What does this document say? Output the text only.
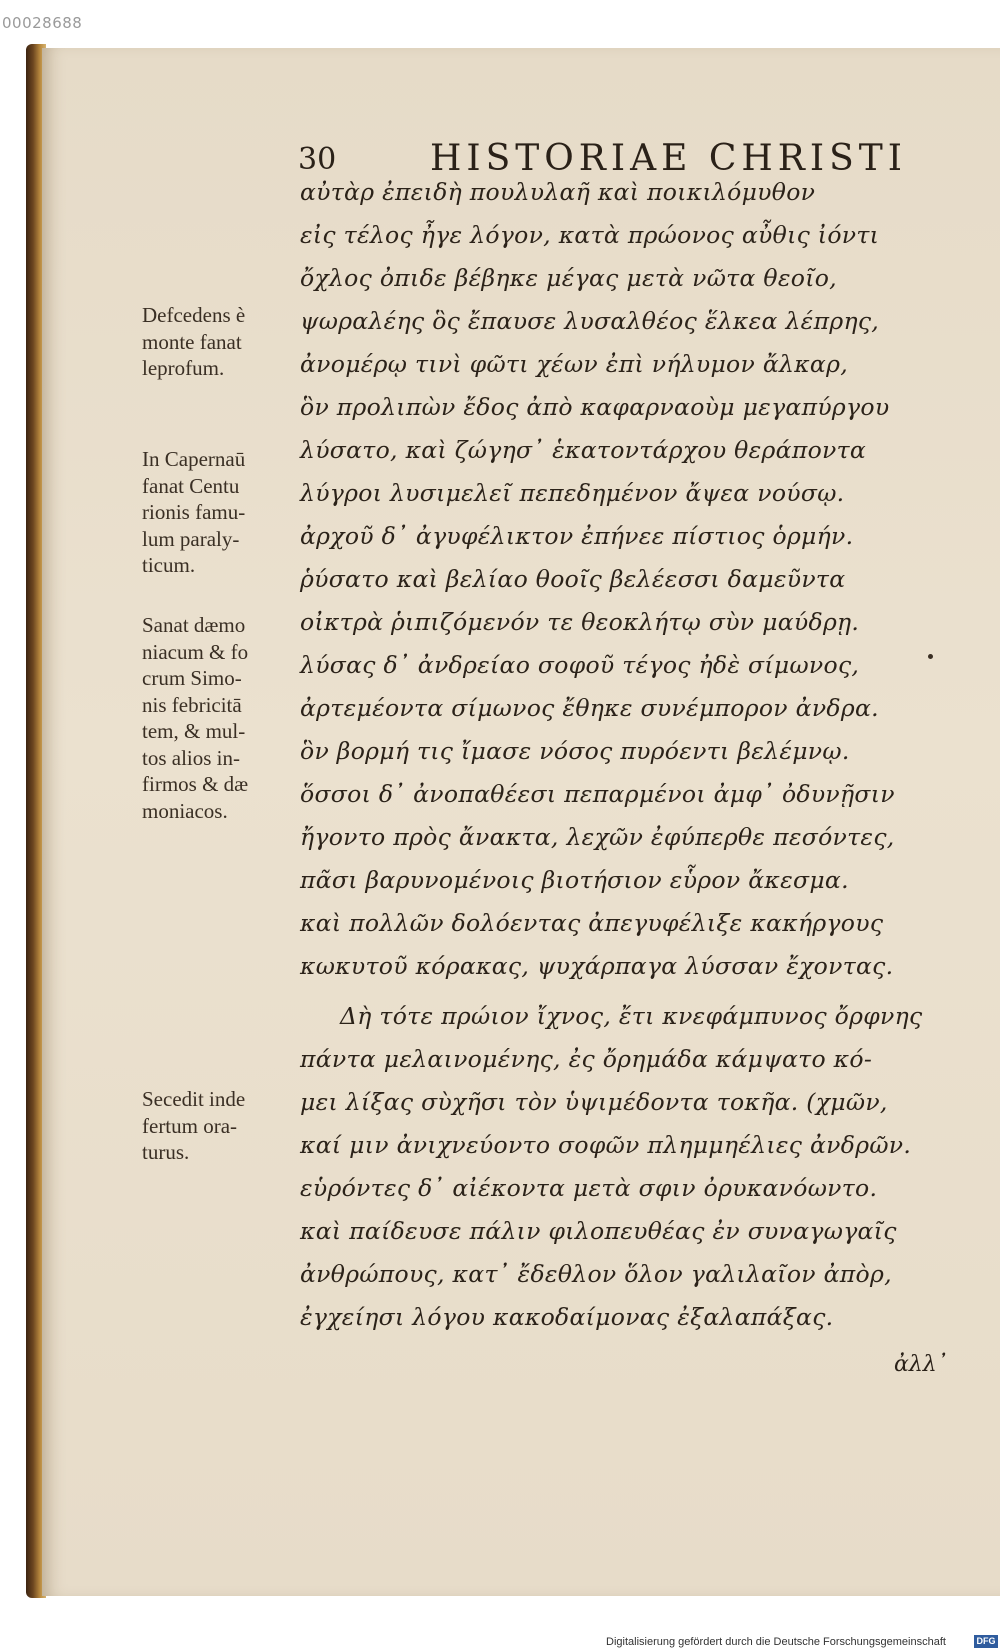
00028688
30	HISTORIAE CHRISTI
αὐτὰρ ἐπειδὴ πουλυλαῆ καὶ ποικιλόμυθον
εἰς τέλος ἦγε λόγον, κατὰ πρώονος αὖθις ἰόντι
ὄχλος ὀπιδε βέβηκε μέγας μετὰ νῶτα θεοῖο,
ψωραλέης ὃς ἔπαυσε λυσαλθέος ἕλκεα λέπρης,
ἀνομέρῳ τινὶ φῶτι χέων ἐπὶ νήλυμον ἄλκαρ,
ὃν προλιπὼν ἔδος ἀπὸ καφαρναοὺμ μεγαπύργου
λύσατο, καὶ ζώγησ᾽ ἑκατοντάρχου θεράποντα
λύγροι λυσιμελεῖ πεπεδημένον ἄψεα νούσῳ.
ἀρχοῦ δ᾽ ἀγυφέλικτον ἐπήνεε πίστιος ὁρμήν.
ῥύσατο καὶ βελίαο θοοῖς βελέεσσι δαμεῦντα
οἰκτρὰ ῥιπιζόμενόν τε θεοκλήτῳ σὺν μαύδρῃ.
λύσας δ᾽ ἀνδρείαο σοφοῦ τέγος ἠδὲ σίμωνος,
ἀρτεμέοντα σίμωνος ἔθηκε συνέμπορον ἀνδρα.
ὃν βορμή τις ἴμασε νόσος πυρόεντι βελέμνῳ.
ὅσσοι δ᾽ ἀνοπαθέεσι πεπαρμένοι ἀμφ᾽ ὀδυνῇσιν
ἤγοντο πρὸς ἄνακτα, λεχῶν ἐφύπερθε πεσόντες,
πᾶσι βαρυνομένοις βιοτήσιον εὗρον ἄκεσμα.
καὶ πολλῶν δολόεντας ἀπεγυφέλιξε κακήργους
κωκυτοῦ κόρακας, ψυχάρπαγα λύσσαν ἔχοντας.
Δὴ τότε πρώιον ἴχνος, ἔτι κνεφάμπυνος ὄρφνης
πάντα μελαινομένης, ἐς ὄρημάδα κάμψατο κό-
μει λίξας σὺχῆσι τὸν ὑψιμέδοντα τοκῆα. (χμῶν,
καί μιν ἀνιχνεύοντο σοφῶν πλημμηέλιες ἀνδρῶν.
εὑρόντες δ᾽ αἰέκοντα μετὰ σφιν ὀρυκανόωντο.
καὶ παίδευσε πάλιν φιλοπευθέας ἐν συναγωγαῖς
ἀνθρώπους, κατ᾽ ἔδεθλον ὅλον γαλιλαῖον ἀπὸρ,
ἐγχείησι λόγου κακοδαίμονας ἐξαλαπάξας.
Defcedens è
monte fanat
leprofum.
In Capernaū
fanat Centu
rionis famu-
lum paraly-
ticum.
Sanat dæmo
niacum & fo
crum Simo-
nis febricitā
tem, & mul-
tos alios in-
firmos & dæ
moniacos.
Secedit inde
fertum ora-
turus.
ἀλλ᾽
Digitalisierung gefördert durch die Deutsche Forschungsgemeinschaft	DFG
